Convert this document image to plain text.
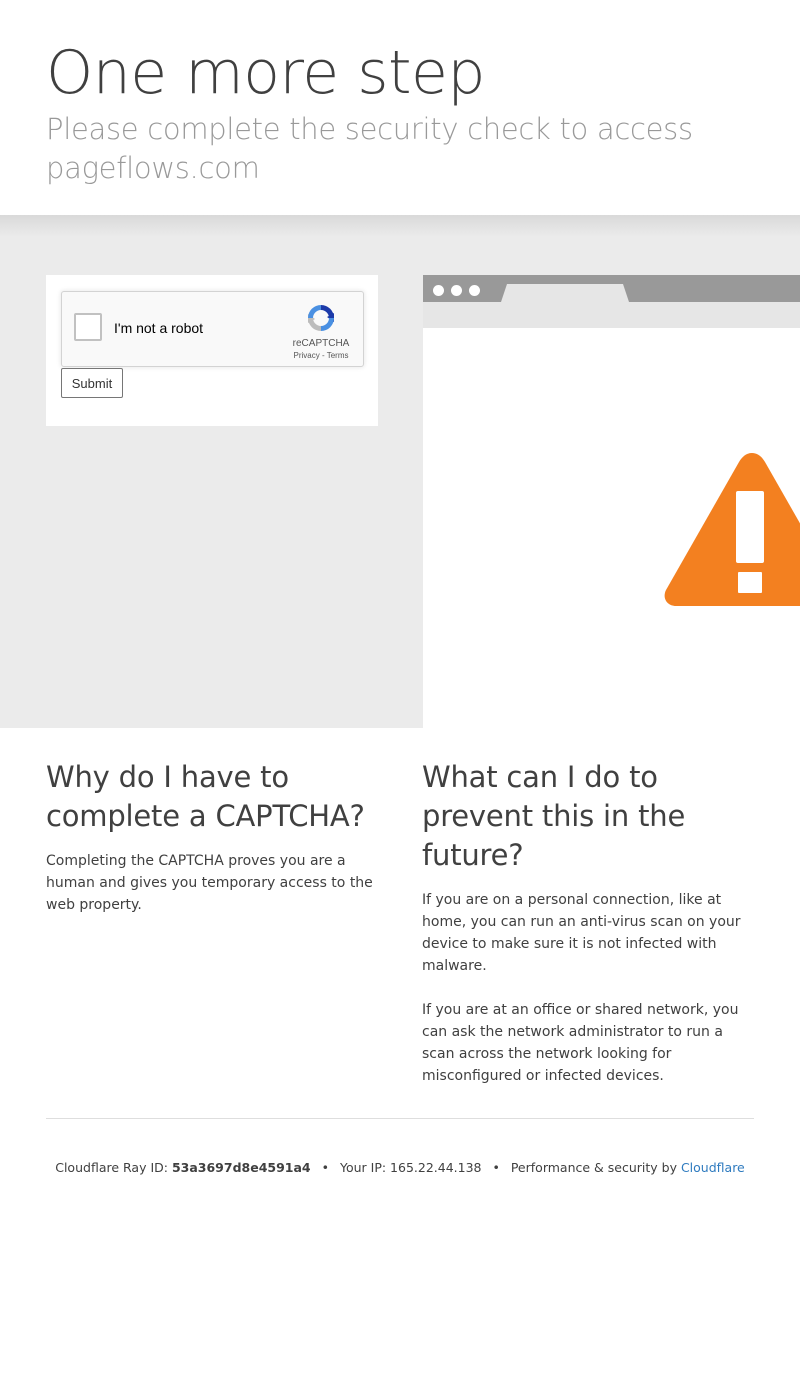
One more step
Please complete the security check to access pageflows.com
I'm not a robot
reCAPTCHA
Privacy - Terms
Submit
Why do I have to complete a CAPTCHA?

Completing the CAPTCHA proves you are a human and gives you temporary access to the web property.

What can I do to prevent this in the future?

If you are on a personal connection, like at home, you can run an anti-virus scan on your device to make sure it is not infected with malware.

If you are at an office or shared network, you can ask the network administrator to run a scan across the network looking for misconfigured or infected devices.

Cloudflare Ray ID: 53a3697d8e4591a4 • Your IP: 165.22.44.138 • Performance & security by Cloudflare
